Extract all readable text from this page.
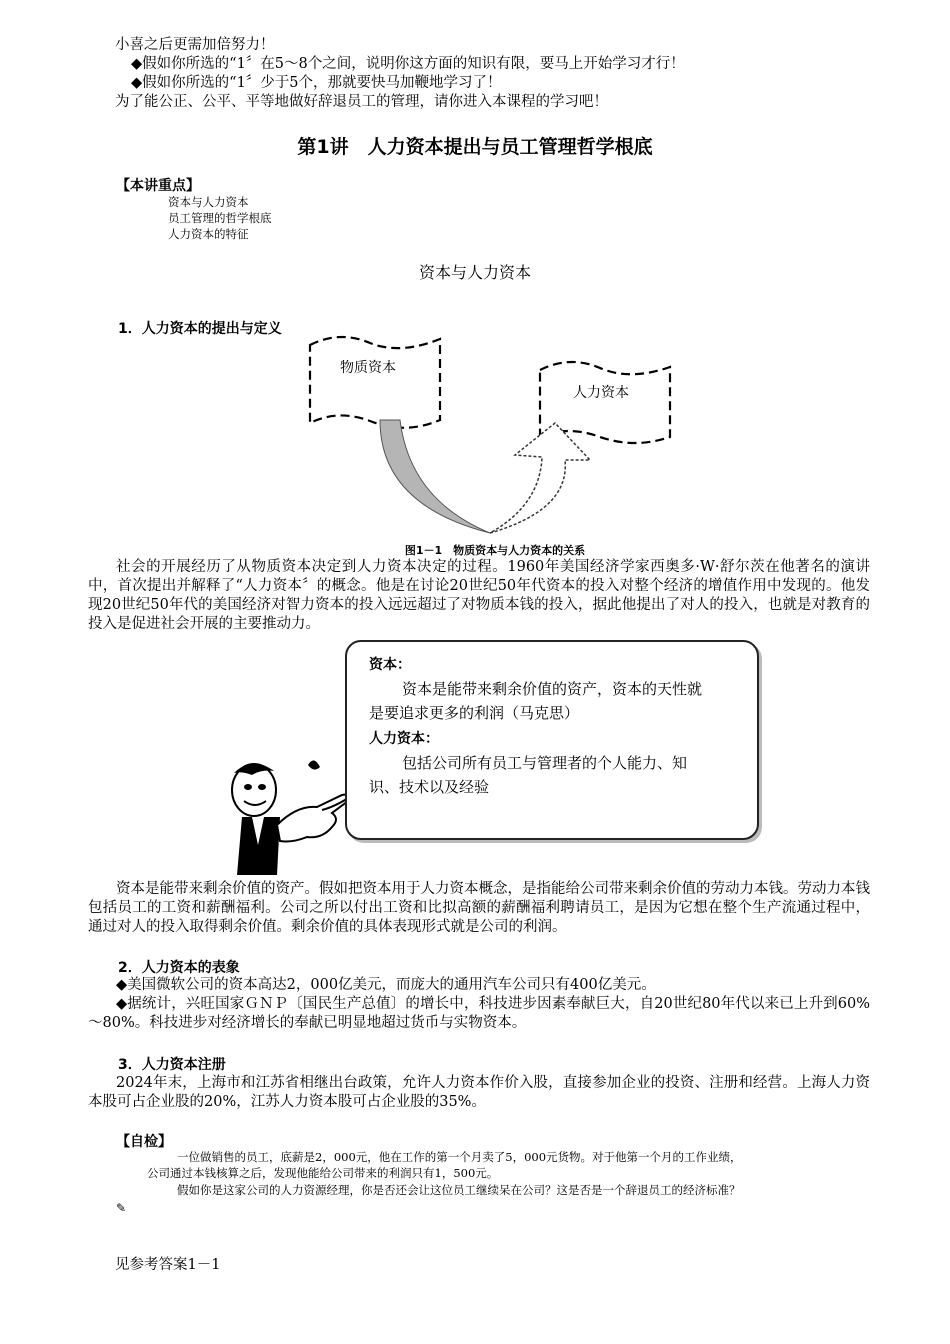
小喜之后更需加倍努力！
◆假如你所选的“1〞在5～8个之间，说明你这方面的知识有限，要马上开始学习才行！
◆假如你所选的“1〞少于5个，那就要快马加鞭地学习了！
为了能公正、公平、平等地做好辞退员工的管理，请你进入本课程的学习吧！
第1讲　人力资本提出与员工管理哲学根底
【本讲重点】
资本与人力资本
员工管理的哲学根底
人力资本的特征
资本与人力资本
1．人力资本的提出与定义
物质资本
人力资本
图1－1　物质资本与人力资本的关系

社会的开展经历了从物质资本决定到人力资本决定的过程。1960年美国经济学家西奥多·W·舒尔茨在他著名的演讲中，首次提出并解释了“人力资本〞的概念。他是在讨论20世纪50年代资本的投入对整个经济的增值作用中发现的。他发现20世纪50年代的美国经济对智力资本的投入远远超过了对物质本钱的投入，据此他提出了对人的投入，也就是对教育的投入是促进社会开展的主要推动力。

资本：
资本是能带来剩余价值的资产，资本的天性就
是要追求更多的利润（马克思）
人力资本：
包括公司所有员工与管理者的个人能力、知
识、技术以及经验

资本是能带来剩余价值的资产。假如把资本用于人力资本概念，是指能给公司带来剩余价值的劳动力本钱。劳动力本钱包括员工的工资和薪酬福利。公司之所以付出工资和比拟高额的薪酬福利聘请员工，是因为它想在整个生产流通过程中，通过对人的投入取得剩余价值。剩余价值的具体表现形式就是公司的利润。

2．人力资本的表象

◆美国微软公司的资本高达2，000亿美元，而庞大的通用汽车公司只有400亿美元。

◆据统计，兴旺国家ＧＮＰ〔国民生产总值〕的增长中，科技进步因素奉献巨大，自20世纪80年代以来已上升到60%～80%。科技进步对经济增长的奉献已明显地超过货币与实物资本。

3．人力资本注册

2024年末，上海市和江苏省相继出台政策，允许人力资本作价入股，直接参加企业的投资、注册和经营。上海人力资本股可占企业股的20%，江苏人力资本股可占企业股的35%。

【自检】
一位做销售的员工，底薪是2，000元，他在工作的第一个月卖了5，000元货物。对于他第一个月的工作业绩，
公司通过本钱核算之后，发现他能给公司带来的利润只有1，500元。
假如你是这家公司的人力资源经理，你是否还会让这位员工继续呆在公司？这是否是一个辞退员工的经济标准？
✎
见参考答案1－1
